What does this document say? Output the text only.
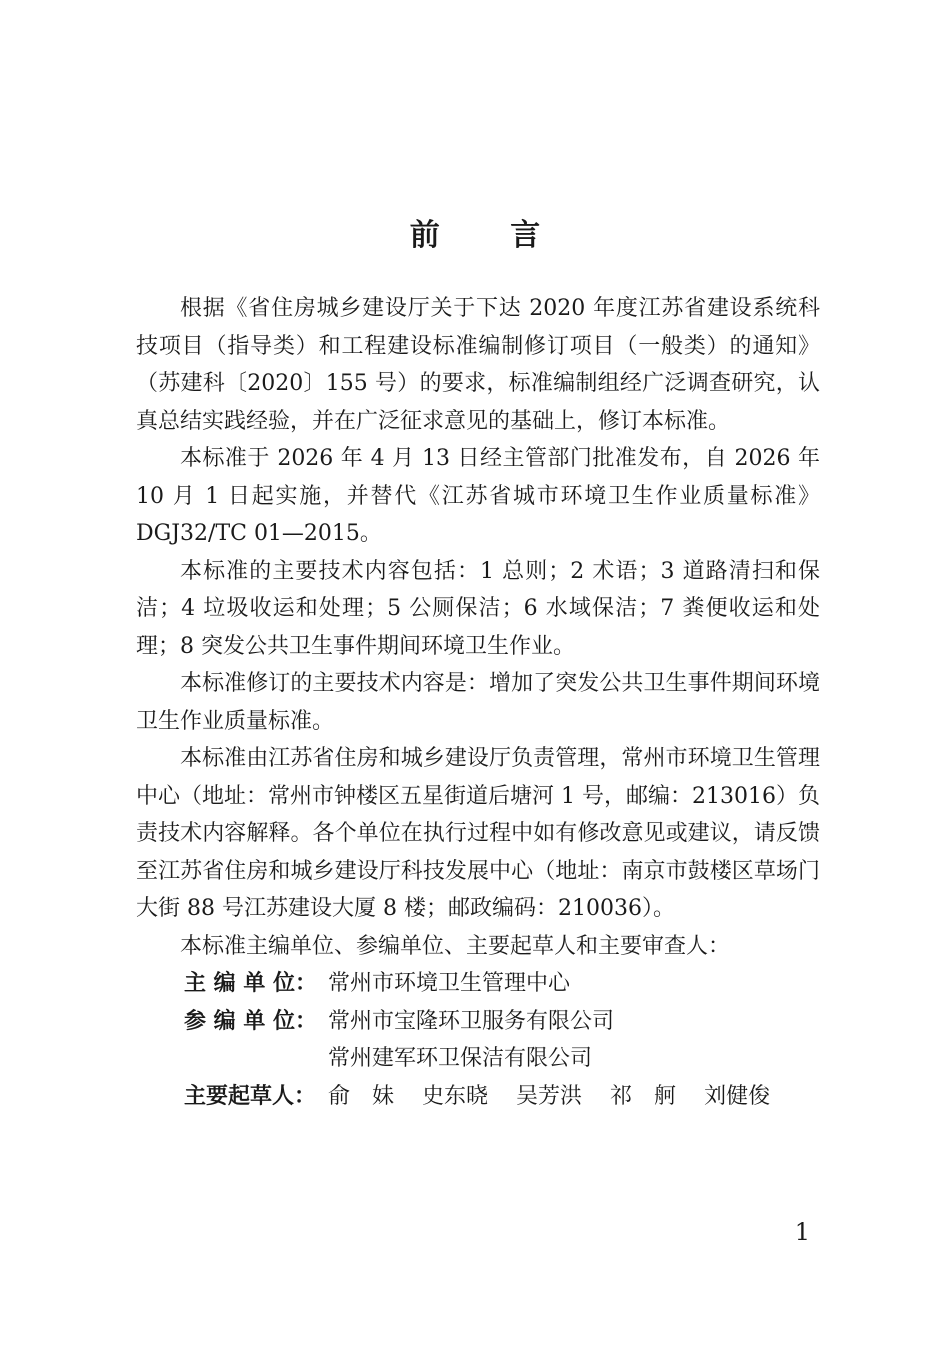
前 言

根据《省住房城乡建设厅关于下达 2020 年度江苏省建设系统科技项目（指导类）和工程建设标准编制修订项目（一般类）的通知》（苏建科〔2020〕155 号）的要求，标准编制组经广泛调查研究，认真总结实践经验，并在广泛征求意见的基础上，修订本标准。

本标准于 2026 年 4 月 13 日经主管部门批准发布，自 2026 年 10 月 1 日起实施，并替代《江苏省城市环境卫生作业质量标准》DGJ32/TC 01—2015。

本标准的主要技术内容包括：1 总则；2 术语；3 道路清扫和保洁；4 垃圾收运和处理；5 公厕保洁；6 水域保洁；7 粪便收运和处理；8 突发公共卫生事件期间环境卫生作业。

本标准修订的主要技术内容是：增加了突发公共卫生事件期间环境卫生作业质量标准。

本标准由江苏省住房和城乡建设厅负责管理，常州市环境卫生管理中心（地址：常州市钟楼区五星街道后塘河 1 号，邮编：213016）负责技术内容解释。各个单位在执行过程中如有修改意见或建议，请反馈至江苏省住房和城乡建设厅科技发展中心（地址：南京市鼓楼区草场门大街 88 号江苏建设大厦 8 楼；邮政编码：210036）。

本标准主编单位、参编单位、主要起草人和主要审查人：

主 编 单 位： 常州市环境卫生管理中心
参 编 单 位： 常州市宝隆环卫服务有限公司
常州建军环卫保洁有限公司
主要起草人： 俞　妹 史东晓 吴芳洪 祁　舸 刘健俊
1
